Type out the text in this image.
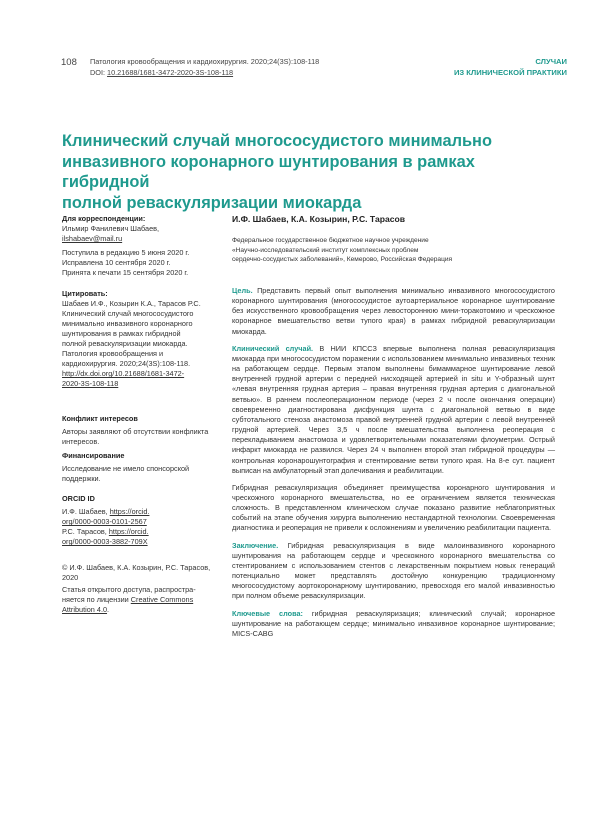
108 Патология кровообращения и кардиохирургия. 2020;24(3S):108-118
DOI: 10.21688/1681-3472-2020-3S-108-118
СЛУЧАИ
ИЗ КЛИНИЧЕСКОЙ ПРАКТИКИ
Клинический случай многососудистого минимально
инвазивного коронарного шунтирования в рамках гибридной
полной реваскуляризации миокарда

Для корреспонденции:

Ильмир Фанилевич Шабаев,

ilshabaev@mail.ru

Поступила в редакцию 5 июня 2020 г.

Исправлена 10 сентября 2020 г.

Принята к печати 15 сентября 2020 г.

Цитировать:

Шабаев И.Ф., Козырин К.А., Тарасов Р.С.

Клинический случай многососудистого

минимально инвазивного коронарного

шунтирования в рамках гибридной

полной реваскуляризации миокарда.

Патология кровообращения и

кардиохирургия. 2020;24(3S):108-118.

http://dx.doi.org/10.21688/1681-3472-

2020-3S-108-118

Конфликт интересов

Авторы заявляют об отсутствии конфликта

интересов.

Финансирование

Исследование не имело спонсорской

поддержки.

ORCID ID

И.Ф. Шабаев, https://orcid.

org/0000-0003-0101-2567

Р.С. Тарасов, https://orcid.

org/0000-0003-3882-709X

© И.Ф. Шабаев, К.А. Козырин, Р.С. Тарасов,

2020

Статья открытого доступа, распростра-

няется по лицензии Creative Commons

Attribution 4.0.

И.Ф. Шабаев, К.А. Козырин, Р.С. Тарасов
Федеральное государственное бюджетное научное учреждение
«Научно-исследовательский институт комплексных проблем
сердечно-сосудистых заболеваний», Кемерово, Российская Федерация

Цель. Представить первый опыт выполнения минимально инвазивного многососудистого коронарного шунтирования (многососудистое аутоартериальное коронарное шунтирование без искусственного кровообращения через левостороннюю мини-торакотомию и чрескожное коронарное вмешательство ветви тупого края) в рамках гибридной реваскуляризации миокарда.

Клинический случай. В НИИ КПССЗ впервые выполнена полная реваскуляризация миокарда при многососудистом поражении с использованием минимально инвазивных техник на работающем сердце. Первым этапом выполнены бимаммарное шунтирование левой внутренней грудной артерии с передней нисходящей артерией in situ и Y-образный шунт «левая внутренняя грудная артерия – правая внутренняя грудная артерия с диагональной ветвью». В раннем послеоперационном периоде (через 2 ч после окончания операции) своевременно диагностирована дисфункция шунта с диагональной ветвью в виде субтотального стеноза анастомоза правой внутренней грудной артерии с левой внутренней грудной артерией. Через 3,5 ч после вмешательства выполнена реоперация с перекладыванием анастомоза и удовлетворительными показателями флоуметрии. Острый инфаркт миокарда не развился. Через 24 ч выполнен второй этап гибридной процедуры — контрольная коронарошунтография и стентирование ветви тупого края. На 8-е сут. пациент выписан на амбулаторный этап долечивания и реабилитации.

Гибридная реваскуляризация объединяет преимущества коронарного шунтирования и чрескожного коронарного вмешательства, но ее ограничением является техническая сложность. В представленном клиническом случае показано развитие неблагоприятных событий на этапе обучения хирурга выполнению нестандартной технологии. Своевременная диагностика и реоперация не привели к осложнениям и увеличению реабилитации пациента.

Заключение. Гибридная реваскуляризация в виде малоинвазивного коронарного шунтирования на работающем сердце и чрескожного коронарного вмешательства со стентированием с использованием стентов с лекарственным покрытием новых генераций потенциально может представлять достойную конкуренцию традиционному многососудистому аортокоронарному шунтированию, превосходя его малой инвазивностью при полном объеме реваскуляризации.

Ключевые слова: гибридная реваскуляризация; клинический случай; коронарное шунтирование на работающем сердце; минимально инвазивное коронарное шунтирование; MICS-CABG
